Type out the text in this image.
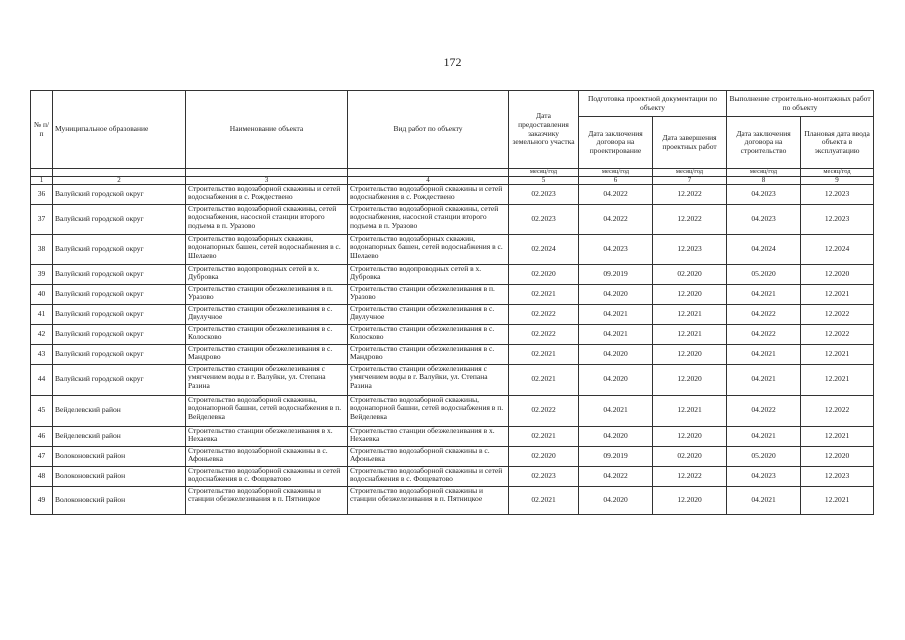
172
№ п/п	Муниципальное образование	Наименование объекта	Вид работ по объекту	Дата предоставления заказчику земельного участка	Подготовка проектной документации по объекту		Выполнение строительно-монтажных работ по объекту	
					Дата заключения договора на проектирование	Дата завершения проектных работ	Дата заключения договора на строительство	Плановая дата ввода объекта в эксплуатацию
				месяц/год	месяц/год	месяц/год	месяц/год	месяц/год
1	2	3	4	5	6	7	8	9
36	Валуйский городской округ	Строительство водозаборной скважины и сетей водоснабжения в с. Рождествено	Строительство водозаборной скважины и сетей водоснабжения в с. Рождествено	02.2023	04.2022	12.2022	04.2023	12.2023
37	Валуйский городской округ	Строительство водозаборной скважины, сетей водоснабжения, насосной станции второго подъема в п. Уразово	Строительство водозаборной скважины, сетей водоснабжения, насосной станции второго подъема в п. Уразово	02.2023	04.2022	12.2022	04.2023	12.2023
38	Валуйский городской округ	Строительство водозаборных скважин, водонапорных башен, сетей водоснабжения в с. Шелаево	Строительство водозаборных скважин, водонапорных башен, сетей водоснабжения в с. Шелаево	02.2024	04.2023	12.2023	04.2024	12.2024
39	Валуйский городской округ	Строительство водопроводных сетей в х. Дубровка	Строительство водопроводных сетей в х. Дубровка	02.2020	09.2019	02.2020	05.2020	12.2020
40	Валуйский городской округ	Строительство станции обезжелезивания в п. Уразово	Строительство станции обезжелезивания в п. Уразово	02.2021	04.2020	12.2020	04.2021	12.2021
41	Валуйский городской округ	Строительство станции обезжелезивания в с. Двулучное	Строительство станции обезжелезивания в с. Двулучное	02.2022	04.2021	12.2021	04.2022	12.2022
42	Валуйский городской округ	Строительство станции обезжелезивания в с. Колосково	Строительство станции обезжелезивания в с. Колосково	02.2022	04.2021	12.2021	04.2022	12.2022
43	Валуйский городской округ	Строительство станции обезжелезивания в с. Мандрово	Строительство станции обезжелезивания в с. Мандрово	02.2021	04.2020	12.2020	04.2021	12.2021
44	Валуйский городской округ	Строительство станции обезжелезивания с умягчением воды в г. Валуйки, ул. Степана Разина	Строительство станции обезжелезивания с умягчением воды в г. Валуйки, ул. Степана Разина	02.2021	04.2020	12.2020	04.2021	12.2021
45	Вейделевский район	Строительство водозаборной скважины, водонапорной башни, сетей водоснабжения в п. Вейделевка	Строительство водозаборной скважины, водонапорной башни, сетей водоснабжения в п. Вейделевка	02.2022	04.2021	12.2021	04.2022	12.2022
46	Вейделевский район	Строительство станции обезжелезивания в х. Нехаевка	Строительство станции обезжелезивания в х. Нехаевка	02.2021	04.2020	12.2020	04.2021	12.2021
47	Волоконовский район	Строительство водозаборной скважины в с. Афоньевка	Строительство водозаборной скважины в с. Афоньевка	02.2020	09.2019	02.2020	05.2020	12.2020
48	Волоконовский район	Строительство водозаборной скважины и сетей водоснабжения в с. Фощеватово	Строительство водозаборной скважины и сетей водоснабжения в с. Фощеватово	02.2023	04.2022	12.2022	04.2023	12.2023
49	Волоконовский район	Строительство водозаборной скважины и станции обезжелезивания в п. Пятницкое	Строительство водозаборной скважины и станции обезжелезивания в п. Пятницкое	02.2021	04.2020	12.2020	04.2021	12.2021
